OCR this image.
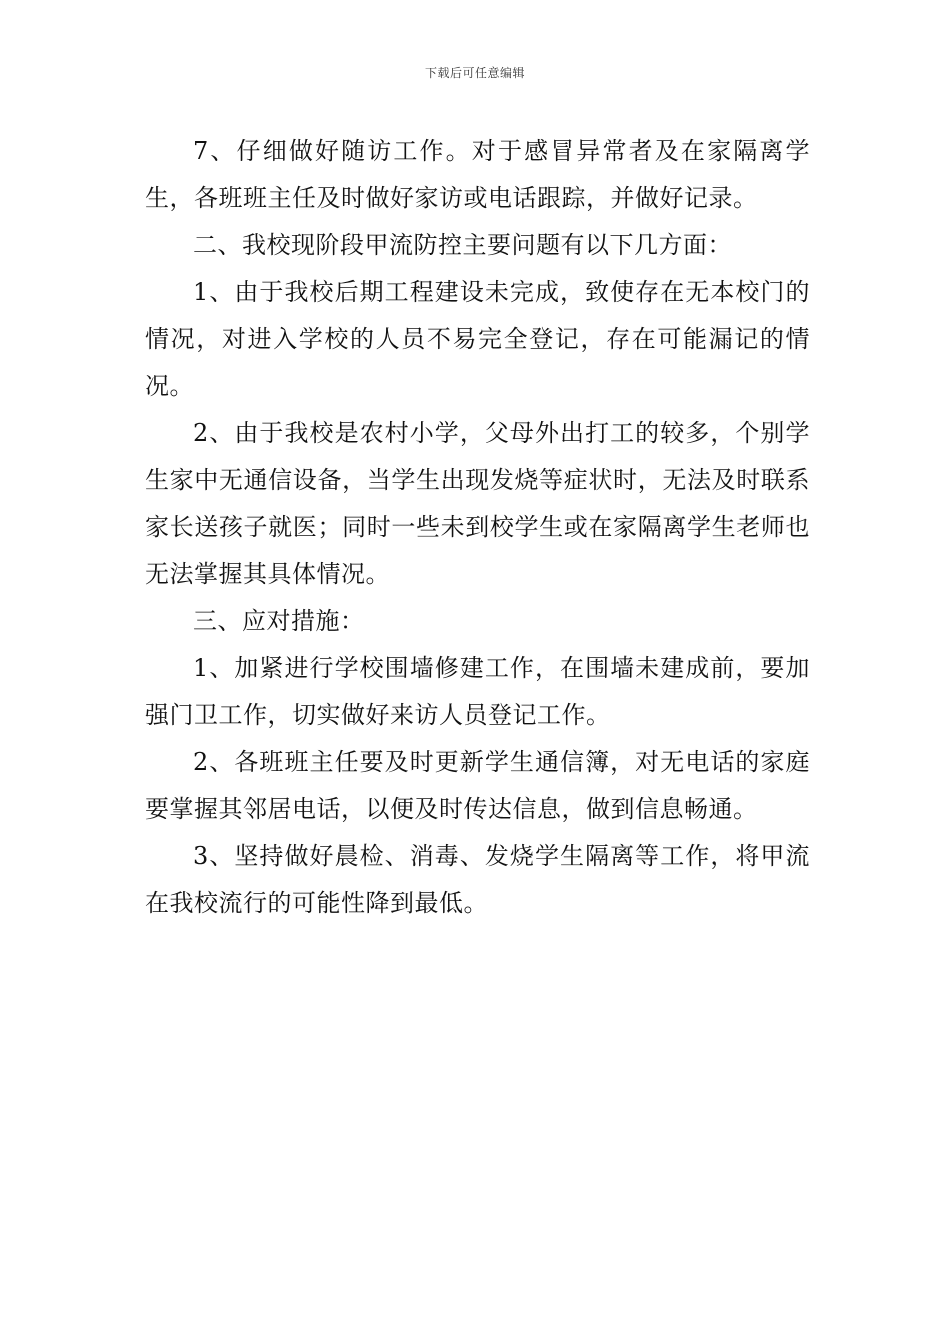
下载后可任意编辑

7、仔细做好随访工作。对于感冒异常者及在家隔离学生，各班班主任及时做好家访或电话跟踪，并做好记录。

二、我校现阶段甲流防控主要问题有以下几方面：

1、由于我校后期工程建设未完成，致使存在无本校门的情况，对进入学校的人员不易完全登记，存在可能漏记的情况。

2、由于我校是农村小学，父母外出打工的较多，个别学生家中无通信设备，当学生出现发烧等症状时，无法及时联系家长送孩子就医；同时一些未到校学生或在家隔离学生老师也无法掌握其具体情况。

三、应对措施：

1、加紧进行学校围墙修建工作，在围墙未建成前，要加强门卫工作，切实做好来访人员登记工作。

2、各班班主任要及时更新学生通信簿，对无电话的家庭要掌握其邻居电话，以便及时传达信息，做到信息畅通。

3、坚持做好晨检、消毒、发烧学生隔离等工作，将甲流在我校流行的可能性降到最低。
